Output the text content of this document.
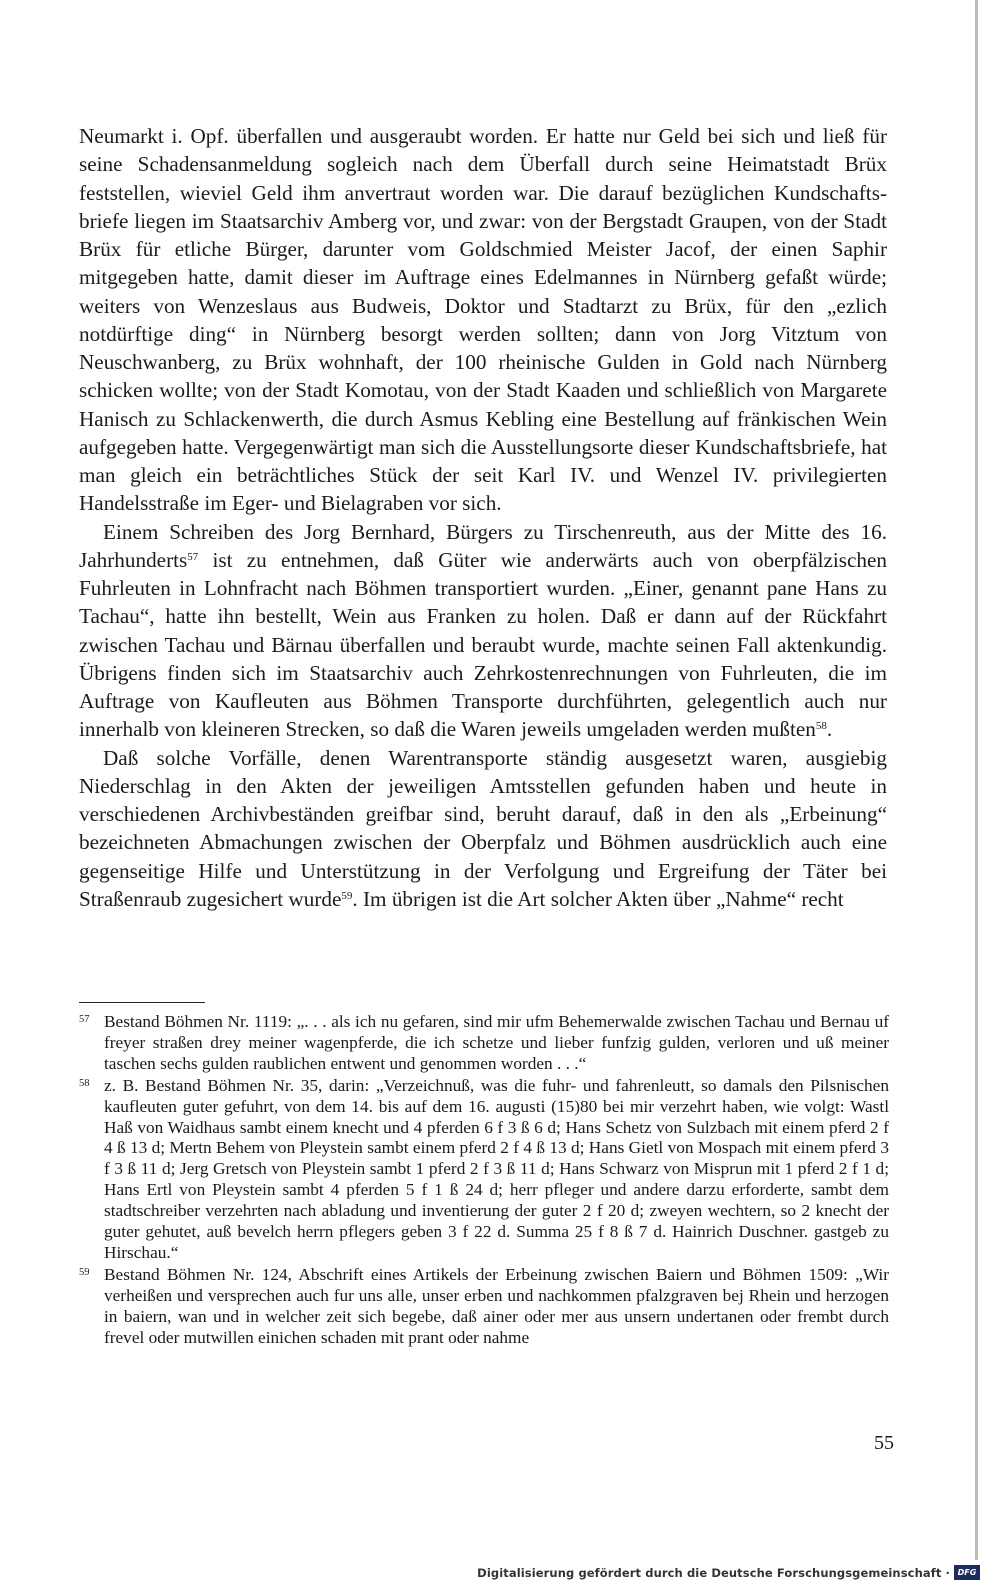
Neumarkt i. Opf. überfallen und ausgeraubt worden. Er hatte nur Geld bei sich und ließ für seine Schadensanmeldung sogleich nach dem Überfall durch seine Heimatstadt Brüx feststellen, wieviel Geld ihm anvertraut worden war. Die darauf bezüglichen Kundschaftsbriefe liegen im Staatsarchiv Amberg vor, und zwar: von der Bergstadt Graupen, von der Stadt Brüx für etliche Bürger, darunter vom Goldschmied Meister Jacof, der einen Saphir mitgegeben hatte, damit dieser im Auftrage eines Edelmannes in Nürnberg gefaßt würde; weiters von Wenzeslaus aus Budweis, Doktor und Stadtarzt zu Brüx, für den „ezlich notdürftige ding“ in Nürnberg besorgt werden sollten; dann von Jorg Vitztum von Neuschwanberg, zu Brüx wohnhaft, der 100 rheinische Gulden in Gold nach Nürnberg schicken wollte; von der Stadt Komotau, von der Stadt Kaaden und schließlich von Margarete Hanisch zu Schlackenwerth, die durch Asmus Kebling eine Bestellung auf fränkischen Wein aufgegeben hatte. Vergegenwärtigt man sich die Ausstellungsorte dieser Kundschaftsbriefe, hat man gleich ein beträchtliches Stück der seit Karl IV. und Wenzel IV. privilegierten Handelsstraße im Eger- und Bielagraben vor sich.

Einem Schreiben des Jorg Bernhard, Bürgers zu Tirschenreuth, aus der Mitte des 16. Jahrhunderts$^{57}$ ist zu entnehmen, daß Güter wie anderwärts auch von oberpfälzischen Fuhrleuten in Lohnfracht nach Böhmen transportiert wurden. „Einer, genannt pane Hans zu Tachau“, hatte ihn bestellt, Wein aus Franken zu holen. Daß er dann auf der Rückfahrt zwischen Tachau und Bärnau überfallen und beraubt wurde, machte seinen Fall aktenkundig. Übrigens finden sich im Staatsarchiv auch Zehrkostenrechnungen von Fuhrleuten, die im Auftrage von Kaufleuten aus Böhmen Transporte durchführten, gelegentlich auch nur innerhalb von kleineren Strecken, so daß die Waren jeweils umgeladen werden mußten$^{58}$.

Daß solche Vorfälle, denen Warentransporte ständig ausgesetzt waren, ausgiebig Niederschlag in den Akten der jeweiligen Amtsstellen gefunden haben und heute in verschiedenen Archivbeständen greifbar sind, beruht darauf, daß in den als „Erbeinung“ bezeichneten Abmachungen zwischen der Oberpfalz und Böhmen ausdrücklich auch eine gegenseitige Hilfe und Unterstützung in der Verfolgung und Ergreifung der Täter bei Straßenraub zugesichert wurde$^{59}$. Im übrigen ist die Art solcher Akten über „Nahme“ recht

57 Bestand Böhmen Nr. 1119: „. . . als ich nu gefaren, sind mir ufm Behemerwalde zwischen Tachau und Bernau uf freyer straßen drey meiner wagenpferde, die ich schetze und lieber funfzig gulden, verloren und uß meiner taschen sechs gulden raublichen entwent und genommen worden . . .“
58 z. B. Bestand Böhmen Nr. 35, darin: „Verzeichnuß, was die fuhr- und fahrenleutt, so damals den Pilsnischen kaufleuten guter gefuhrt, von dem 14. bis auf dem 16. augusti (15)80 bei mir verzehrt haben, wie volgt: Wastl Haß von Waidhaus sambt einem knecht und 4 pferden 6 f 3 ß 6 d; Hans Schetz von Sulzbach mit einem pferd 2 f 4 ß 13 d; Mertn Behem von Pleystein sambt einem pferd 2 f 4 ß 13 d; Hans Gietl von Mospach mit einem pferd 3 f 3 ß 11 d; Jerg Gretsch von Pleystein sambt 1 pferd 2 f 3 ß 11 d; Hans Schwarz von Misprun mit 1 pferd 2 f 1 d; Hans Ertl von Pleystein sambt 4 pferden 5 f 1 ß 24 d; herr pfleger und andere darzu erforderte, sambt dem stadtschreiber verzehrten nach abladung und inventierung der guter 2 f 20 d; zweyen wechtern, so 2 knecht der guter gehutet, auß bevelch herrn pflegers geben 3 f 22 d. Summa 25 f 8 ß 7 d. Hainrich Duschner. gastgeb zu Hirschau.“
59 Bestand Böhmen Nr. 124, Abschrift eines Artikels der Erbeinung zwischen Baiern und Böhmen 1509: „Wir verheißen und versprechen auch fur uns alle, unser erben und nachkommen pfalzgraven bej Rhein und herzogen in baiern, wan und in welcher zeit sich begebe, daß ainer oder mer aus unsern undertanen oder frembt durch frevel oder mutwillen einichen schaden mit prant oder nahme
55
Digitalisierung gefördert durch die Deutsche Forschungsgemeinschaft · DFG
